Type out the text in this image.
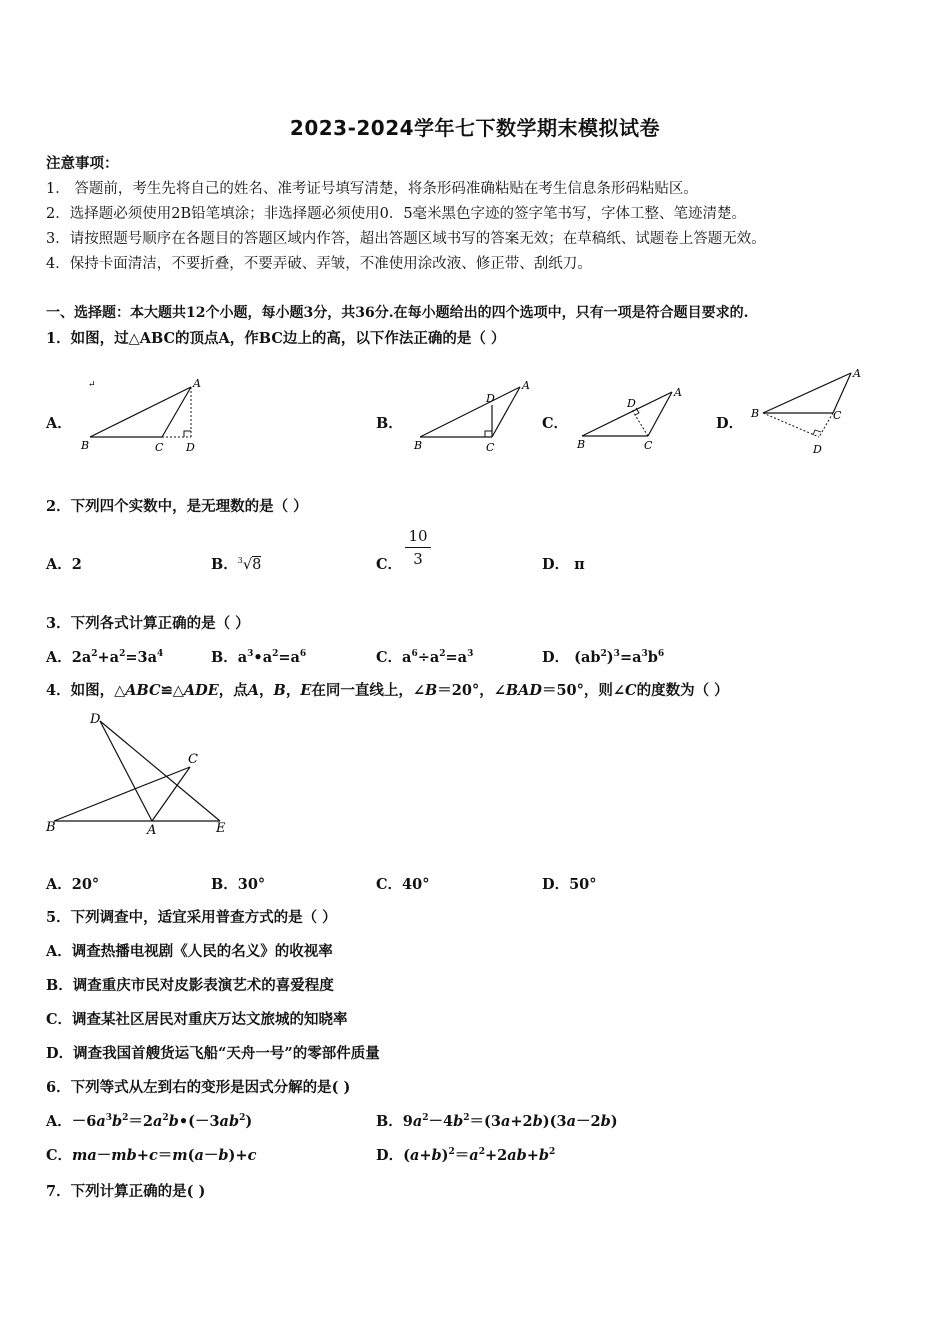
2023-2024学年七下数学期末模拟试卷
注意事项：
1． 答题前，考生先将自己的姓名、准考证号填写清楚，将条形码准确粘贴在考生信息条形码粘贴区。
2．选择题必须使用2B铅笔填涂；非选择题必须使用0．5毫米黑色字迹的签字笔书写，字体工整、笔迹清楚。
3．请按照题号顺序在各题目的答题区域内作答，超出答题区域书写的答案无效；在草稿纸、试题卷上答题无效。
4．保持卡面清洁，不要折叠，不要弄破、弄皱，不准使用涂改液、修正带、刮纸刀。
一、选择题：本大题共12个小题，每小题3分，共36分.在每小题给出的四个选项中，只有一项是符合题目要求的.
1．如图，过△ABC的顶点A，作BC边上的高，以下作法正确的是（ ）
A．
↵	A
B	C D
B．
A
D
B	C
C．
A
D
B	C
D．
A
B	C
D
2．下列四个实数中，是无理数的是（ ）
A．2	B．$^3$√8	C．
10
3	D． π
3．下列各式计算正确的是（ ）
A．$2a^2+a^2=3a^4$	B．$a^3•a^2=a^6$	C．$a^6\div a^2=a^3$	D． $(ab^2)^3=a^3b^6$
4．如图，△ABC≌△ADE，点A，B，E在同一直线上，∠B＝20°，∠BAD＝50°，则∠C的度数为（ ）
D
C
B	A	E
A．20°	B．30°	C．40°	D．50°
5．下列调查中，适宜采用普查方式的是（ ）
A．调查热播电视剧《人民的名义》的收视率
B．调查重庆市民对皮影表演艺术的喜爱程度
C．调查某社区居民对重庆万达文旅城的知晓率
D．调查我国首艘货运飞船“天舟一号”的零部件质量
6．下列等式从左到右的变形是因式分解的是( )
A．$-6a^3b^2=2a^2b•(-3ab^2)$	B．$9a^2-4b^2=(3a+2b)(3a-2b)$
C．ma－mb+c＝m(a－b)+c	D．$(a+b)^2=a^2+2ab+b^2$
7．下列计算正确的是( )
